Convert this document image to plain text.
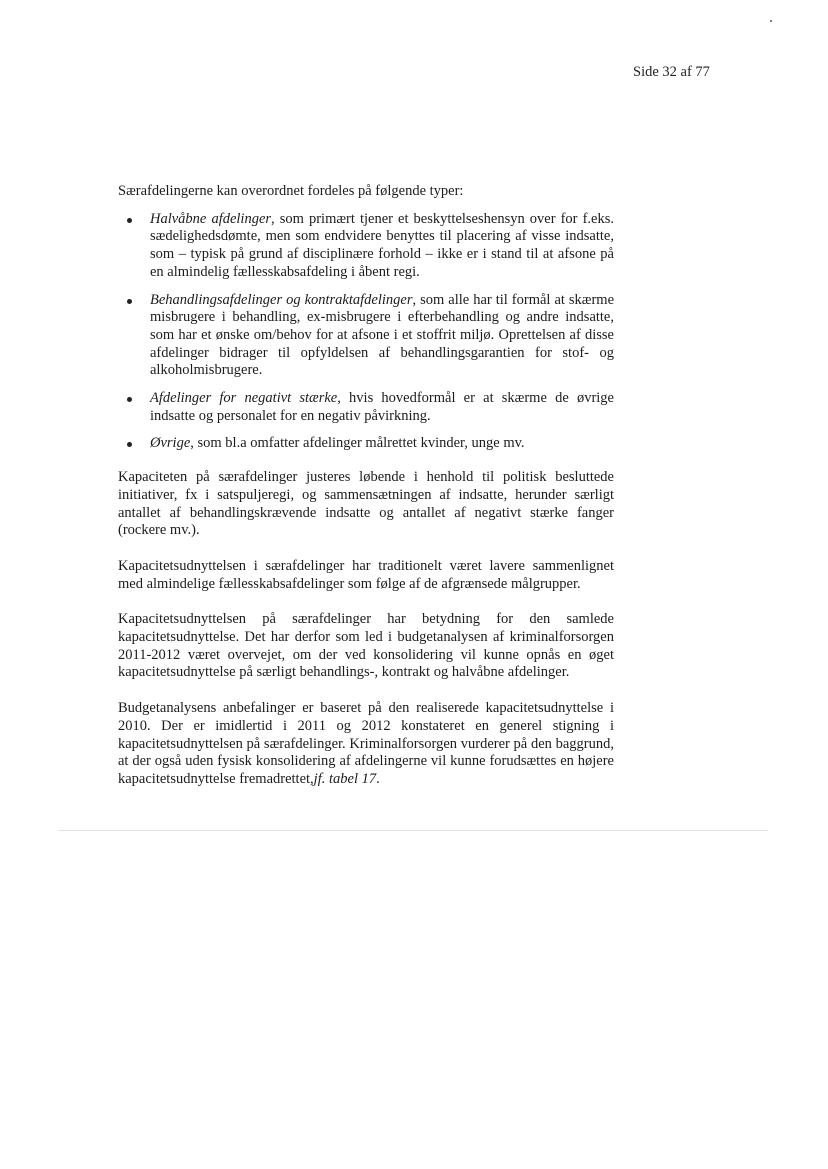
Side 32 af 77

Særafdelingerne kan overordnet fordeles på følgende typer:

Halvåbne afdelinger, som primært tjener et beskyttelseshensyn over for f.eks. sædelighedsdømte, men som endvidere benyttes til placering af visse indsatte, som – typisk på grund af disciplinære forhold – ikke er i stand til at afsone på en almindelig fællesskabsafdeling i åbent regi.
Behandlingsafdelinger og kontraktafdelinger, som alle har til formål at skærme misbrugere i behandling, ex-misbrugere i efterbehandling og andre indsatte, som har et ønske om/behov for at afsone i et stoffrit miljø. Oprettelsen af disse afdelinger bidrager til opfyldelsen af behandlingsgarantien for stof- og alkoholmisbrugere.
Afdelinger for negativt stærke, hvis hovedformål er at skærme de øvrige indsatte og personalet for en negativ påvirkning.
Øvrige, som bl.a omfatter afdelinger målrettet kvinder, unge mv.

Kapaciteten på særafdelinger justeres løbende i henhold til politisk besluttede initiativer, fx i satspuljeregi, og sammensætningen af indsatte, herunder særligt antallet af behandlingskrævende indsatte og antallet af negativt stærke fanger (rockere mv.).

Kapacitetsudnyttelsen i særafdelinger har traditionelt været lavere sammenlignet med almindelige fællesskabsafdelinger som følge af de afgrænsede målgrupper.

Kapacitetsudnyttelsen på særafdelinger har betydning for den samlede kapacitetsudnyttelse. Det har derfor som led i budgetanalysen af kriminalforsorgen 2011-2012 været overvejet, om der ved konsolidering vil kunne opnås en øget kapacitetsudnyttelse på særligt behandlings-, kontrakt og halvåbne afdelinger.

Budgetanalysens anbefalinger er baseret på den realiserede kapacitetsudnyttelse i 2010. Der er imidlertid i 2011 og 2012 konstateret en generel stigning i kapacitetsudnyttelsen på særafdelinger. Kriminalforsorgen vurderer på den baggrund, at der også uden fysisk konsolidering af afdelingerne vil kunne forudsættes en højere kapacitetsudnyttelse fremadrettet,jf. tabel 17.
